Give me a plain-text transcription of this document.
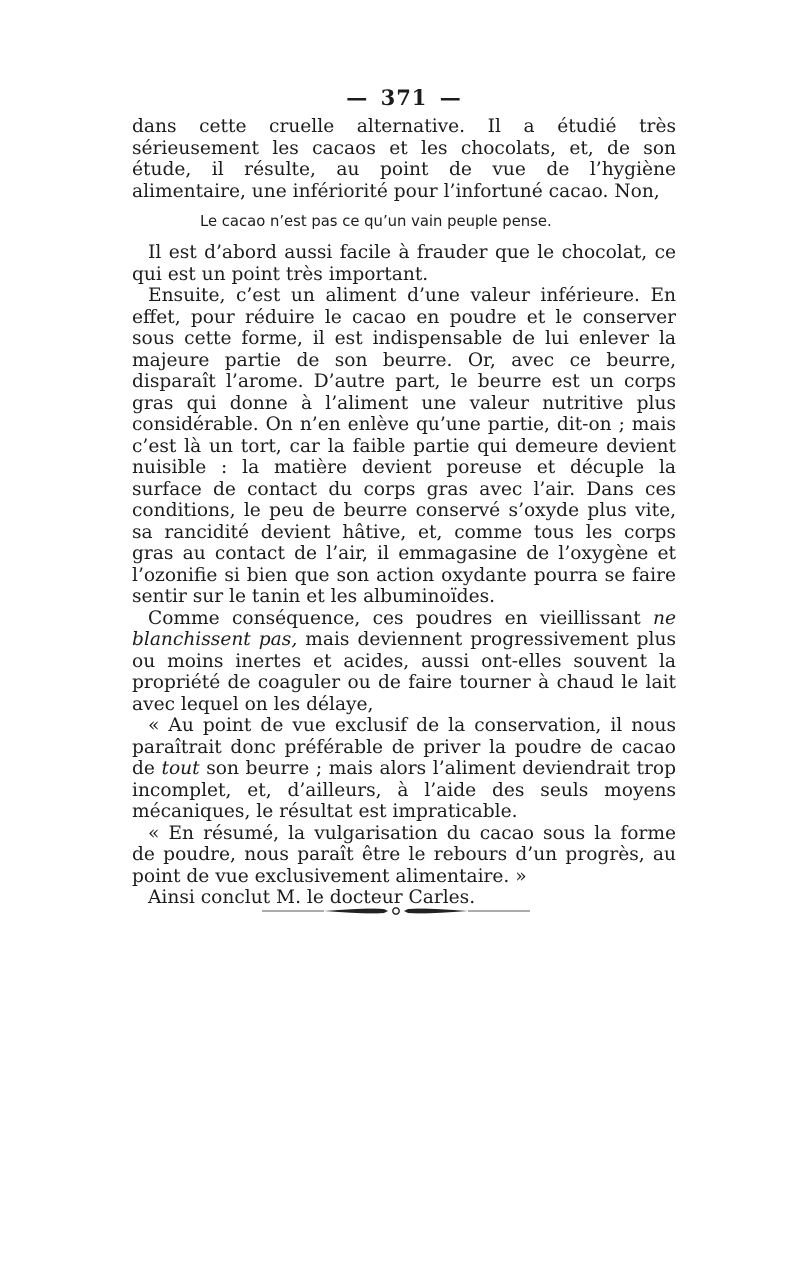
— 371 —

dans cette cruelle alternative. Il a étudié très sérieusement les cacaos et les chocolats, et, de son étude, il résulte, au point de vue de l’hygiène alimentaire, une infériorité pour l’infortuné cacao. Non,

Le cacao n’est pas ce qu’un vain peuple pense.

Il est d’abord aussi facile à frauder que le chocolat, ce qui est un point très important.

Ensuite, c’est un aliment d’une valeur inférieure. En effet, pour réduire le cacao en poudre et le conserver sous cette forme, il est indispensable de lui enlever la majeure partie de son beurre. Or, avec ce beurre, disparaît l’arome. D’autre part, le beurre est un corps gras qui donne à l’aliment une valeur nutritive plus considérable. On n’en enlève qu’une partie, dit-on ; mais c’est là un tort, car la faible partie qui demeure devient nuisible : la matière devient poreuse et décuple la surface de contact du corps gras avec l’air. Dans ces conditions, le peu de beurre conservé s’oxyde plus vite, sa rancidité devient hâtive, et, comme tous les corps gras au contact de l’air, il emmagasine de l’oxygène et l’ozonifie si bien que son action oxydante pourra se faire sentir sur le tanin et les albuminoïdes.

Comme conséquence, ces poudres en vieillissant ne blanchissent pas, mais deviennent progressivement plus ou moins inertes et acides, aussi ont-elles souvent la propriété de coaguler ou de faire tourner à chaud le lait avec lequel on les délaye,

« Au point de vue exclusif de la conservation, il nous paraîtrait donc préférable de priver la poudre de cacao de tout son beurre ; mais alors l’aliment deviendrait trop incomplet, et, d’ailleurs, à l’aide des seuls moyens mécaniques, le résultat est impraticable.

« En résumé, la vulgarisation du cacao sous la forme de poudre, nous paraît être le rebours d’un progrès, au point de vue exclusivement alimentaire. »

Ainsi conclut M. le docteur Carles.
